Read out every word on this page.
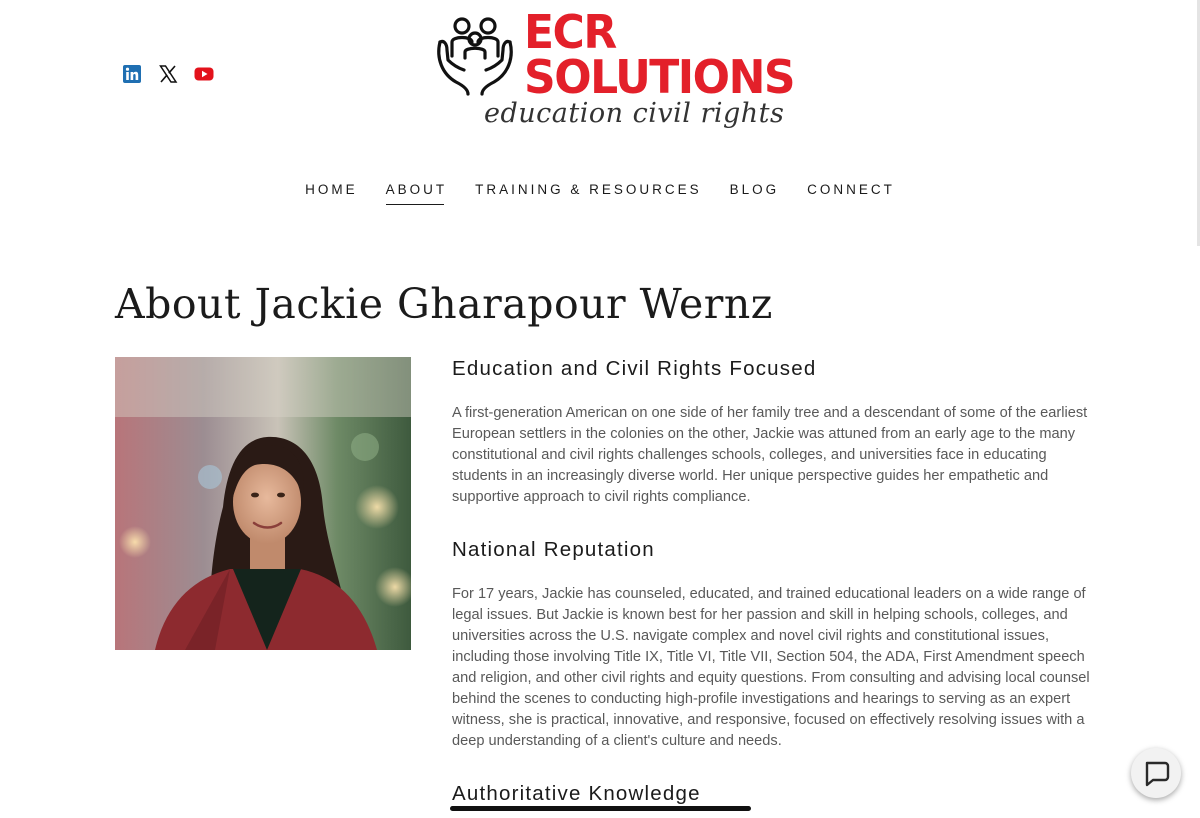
ECR
SOLUTIONS
education civil rights
HOME ABOUT TRAINING & RESOURCES BLOG CONNECT
About Jackie Gharapour Wernz
Education and Civil Rights Focused

A first-generation American on one side of her family tree and a descendant of some of the earliest European settlers in the colonies on the other, Jackie was attuned from an early age to the many constitutional and civil rights challenges schools, colleges, and universities face in educating students in an increasingly diverse world. Her unique perspective guides her empathetic and supportive approach to civil rights compliance.

National Reputation

For 17 years, Jackie has counseled, educated, and trained educational leaders on a wide range of legal issues. But Jackie is known best for her passion and skill in helping schools, colleges, and universities across the U.S. navigate complex and novel civil rights and constitutional issues, including those involving Title IX, Title VI, Title VII, Section 504, the ADA, First Amendment speech and religion, and other civil rights and equity questions. From consulting and advising local counsel behind the scenes to conducting high-profile investigations and hearings to serving as an expert witness, she is practical, innovative, and responsive, focused on effectively resolving issues with a deep understanding of a client's culture and needs.

Authoritative Knowledge
